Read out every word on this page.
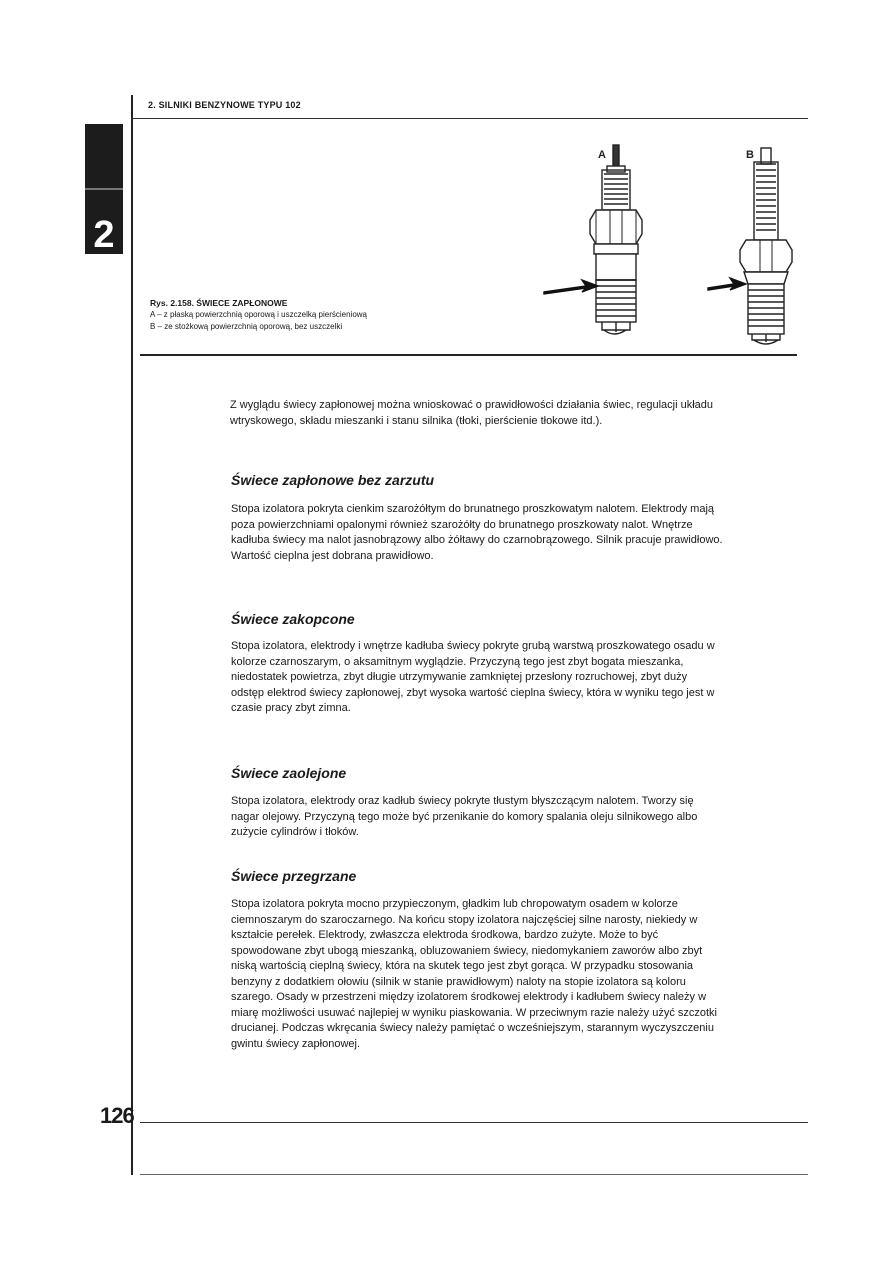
2. SILNIKI BENZYNOWE TYPU 102
2
A	B
Rys. 2.158. ŚWIECE ZAPŁONOWE
A – z płaską powierzchnią oporową i uszczelką pierścieniową
B – ze stożkową powierzchnią oporową, bez uszczelki
Z wyglądu świecy zapłonowej można wnioskować o prawidłowości działania świec, regulacji układu wtryskowego, składu mieszanki i stanu silnika (tłoki, pierścienie tłokowe itd.).
Świece zapłonowe bez zarzutu
Stopa izolatora pokryta cienkim szarożółtym do brunatnego proszkowatym nalotem. Elektrody mają poza powierzchniami opalonymi również szarożółty do brunatnego proszkowaty nalot. Wnętrze kadłuba świecy ma nalot jasnobrązowy albo żółtawy do czarnobrązowego. Silnik pracuje prawidłowo. Wartość cieplna jest dobrana prawidłowo.
Świece zakopcone
Stopa izolatora, elektrody i wnętrze kadłuba świecy pokryte grubą warstwą proszkowatego osadu w kolorze czarnoszarym, o aksamitnym wyglądzie. Przyczyną tego jest zbyt bogata mieszanka, niedostatek powietrza, zbyt długie utrzymywanie zamkniętej przesłony rozruchowej, zbyt duży odstęp elektrod świecy zapłonowej, zbyt wysoka wartość cieplna świecy, która w wyniku tego jest w czasie pracy zbyt zimna.
Świece zaolejone
Stopa izolatora, elektrody oraz kadłub świecy pokryte tłustym błyszczącym nalotem. Tworzy się nagar olejowy. Przyczyną tego może być przenikanie do komory spalania oleju silnikowego albo zużycie cylindrów i tłoków.
Świece przegrzane
Stopa izolatora pokryta mocno przypieczonym, gładkim lub chropowatym osadem w kolorze ciemnoszarym do szaroczarnego. Na końcu stopy izolatora najczęściej silne narosty, niekiedy w kształcie perełek. Elektrody, zwłaszcza elektroda środkowa, bardzo zużyte. Może to być spowodowane zbyt ubogą mieszanką, obluzowaniem świecy, niedomykaniem zaworów albo zbyt niską wartością cieplną świecy, która na skutek tego jest zbyt gorąca. W przypadku stosowania benzyny z dodatkiem ołowiu (silnik w stanie prawidłowym) naloty na stopie izolatora są koloru szarego. Osady w przestrzeni między izolatorem środkowej elektrody i kadłubem świecy należy w miarę możliwości usuwać najlepiej w wyniku piaskowania. W przeciwnym razie należy użyć szczotki drucianej. Podczas wkręcania świecy należy pamiętać o wcześniejszym, starannym wyczyszczeniu gwintu świecy zapłonowej.
126
